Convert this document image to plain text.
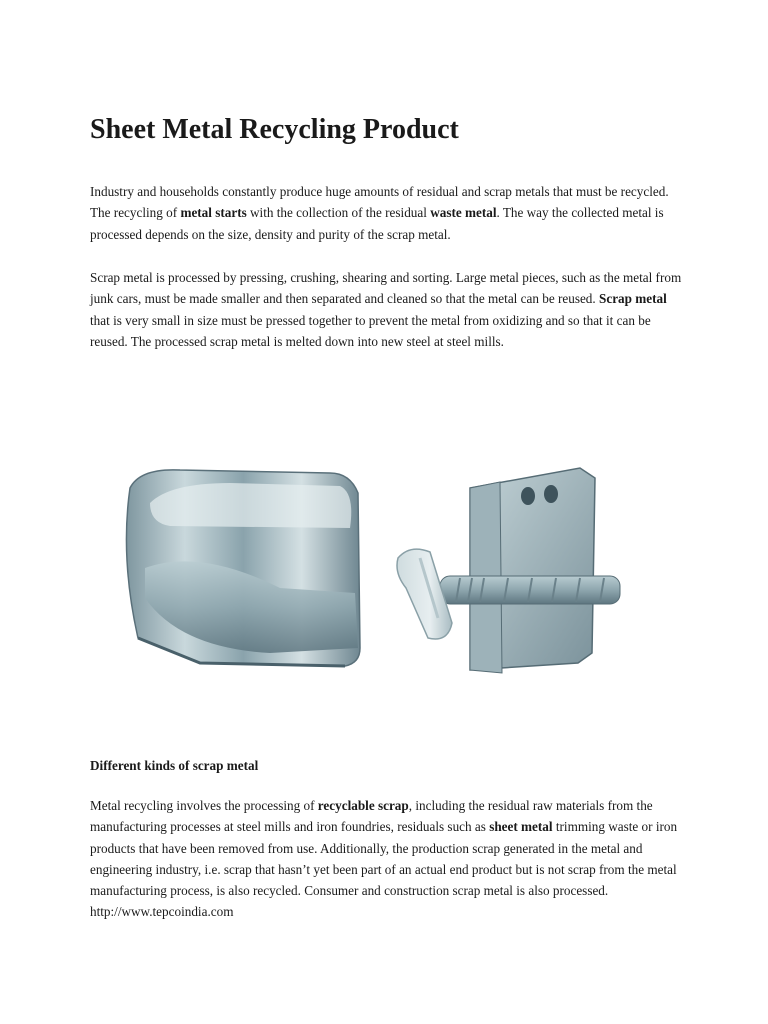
Sheet Metal Recycling Product

Industry and households constantly produce huge amounts of residual and scrap metals that must be recycled. The recycling of metal starts with the collection of the residual waste metal. The way the collected metal is processed depends on the size, density and purity of the scrap metal.

Scrap metal is processed by pressing, crushing, shearing and sorting. Large metal pieces, such as the metal from junk cars, must be made smaller and then separated and cleaned so that the metal can be reused. Scrap metal that is very small in size must be pressed together to prevent the metal from oxidizing and so that it can be reused. The processed scrap metal is melted down into new steel at steel mills.

Different kinds of scrap metal

Metal recycling involves the processing of recyclable scrap, including the residual raw materials from the manufacturing processes at steel mills and iron foundries, residuals such as sheet metal trimming waste or iron products that have been removed from use. Additionally, the production scrap generated in the metal and engineering industry, i.e. scrap that hasn’t yet been part of an actual end product but is not scrap from the metal manufacturing process, is also recycled. Consumer and construction scrap metal is also processed. http://www.tepcoindia.com
